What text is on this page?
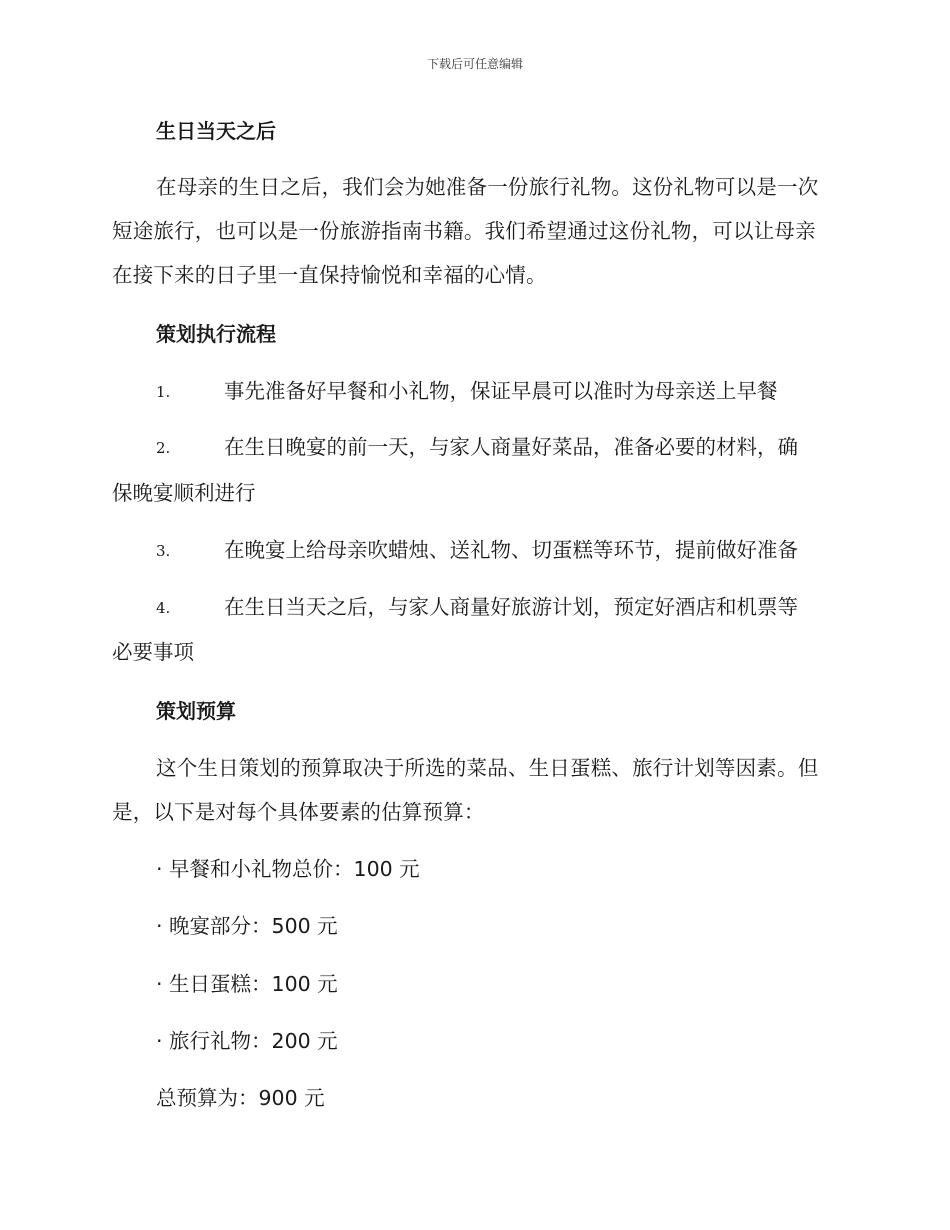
下载后可任意编辑
生日当天之后
在母亲的生日之后，我们会为她准备一份旅行礼物。这份礼物可以是一次短途旅行，也可以是一份旅游指南书籍。我们希望通过这份礼物，可以让母亲在接下来的日子里一直保持愉悦和幸福的心情。
策划执行流程
1.	事先准备好早餐和小礼物，保证早晨可以准时为母亲送上早餐
2.	在生日晚宴的前一天，与家人商量好菜品，准备必要的材料，确
保晚宴顺利进行
3.	在晚宴上给母亲吹蜡烛、送礼物、切蛋糕等环节，提前做好准备
4.	在生日当天之后，与家人商量好旅游计划，预定好酒店和机票等
必要事项
策划预算
这个生日策划的预算取决于所选的菜品、生日蛋糕、旅行计划等因素。但是，以下是对每个具体要素的估算预算：
· 早餐和小礼物总价：100 元
· 晚宴部分：500 元
· 生日蛋糕：100 元
· 旅行礼物：200 元
总预算为：900 元
